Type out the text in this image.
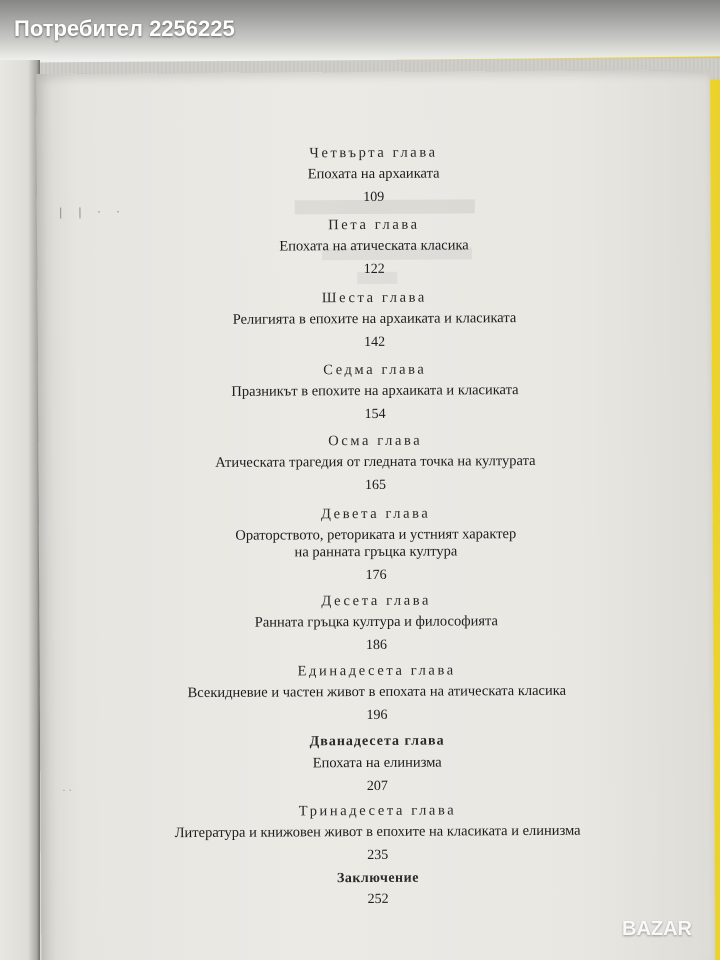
| | · ·
· ·
Четвърта глава
Епохата на архаиката
109
Пета глава
Епохата на атическата класика
122
Шеста глава
Религията в епохите на архаиката и класиката
142
Седма глава
Празникът в епохите на архаиката и класиката
154
Осма глава
Атическата трагедия от гледната точка на културата
165
Девета глава
Ораторството, реториката и устният характер
на ранната гръцка култура
176
Десета глава
Ранната гръцка култура и философията
186
Единадесета глава
Всекидневие и частен живот в епохата на атическата класика
196
Дванадесета глава
Епохата на елинизма
207
Тринадесета глава
Литература и книжовен живот в епохите на класиката и елинизма
235
Заключение
252
Потребител 2256225
BAZAR
